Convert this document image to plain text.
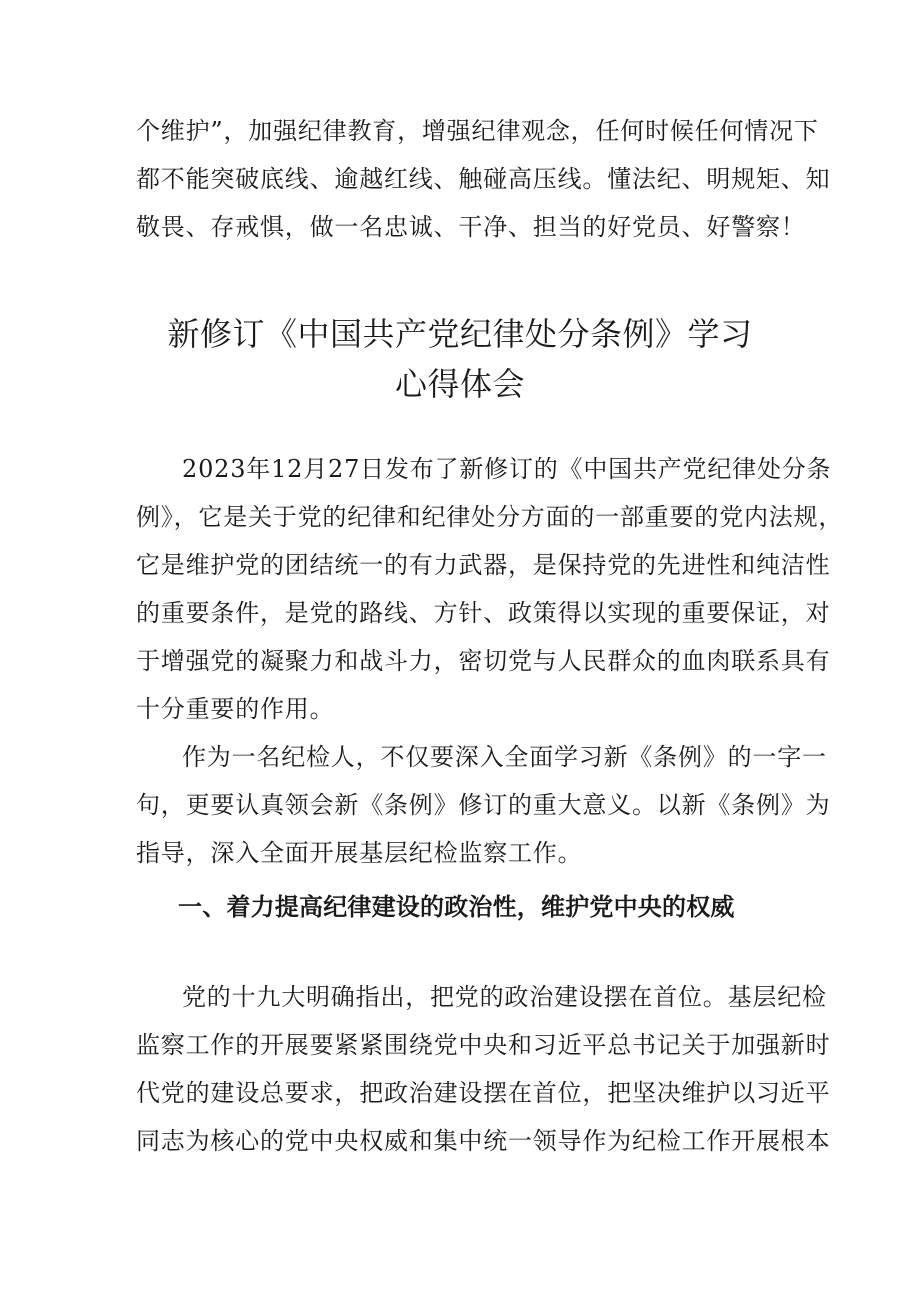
个维护”，加强纪律教育，增强纪律观念，任何时候任何情况下
都不能突破底线、逾越红线、触碰高压线。懂法纪、明规矩、知
敬畏、存戒惧，做一名忠诚、干净、担当的好党员、好警察！
新修订《中国共产党纪律处分条例》学习
心得体会
2023年12月27日发布了新修订的《中国共产党纪律处分条
例》，它是关于党的纪律和纪律处分方面的一部重要的党内法规，
它是维护党的团结统一的有力武器，是保持党的先进性和纯洁性
的重要条件，是党的路线、方针、政策得以实现的重要保证，对
于增强党的凝聚力和战斗力，密切党与人民群众的血肉联系具有
十分重要的作用。
作为一名纪检人，不仅要深入全面学习新《条例》的一字一
句，更要认真领会新《条例》修订的重大意义。以新《条例》为
指导，深入全面开展基层纪检监察工作。
一、着力提高纪律建设的政治性，维护党中央的权威
党的十九大明确指出，把党的政治建设摆在首位。基层纪检
监察工作的开展要紧紧围绕党中央和习近平总书记关于加强新时
代党的建设总要求，把政治建设摆在首位，把坚决维护以习近平
同志为核心的党中央权威和集中统一领导作为纪检工作开展根本
